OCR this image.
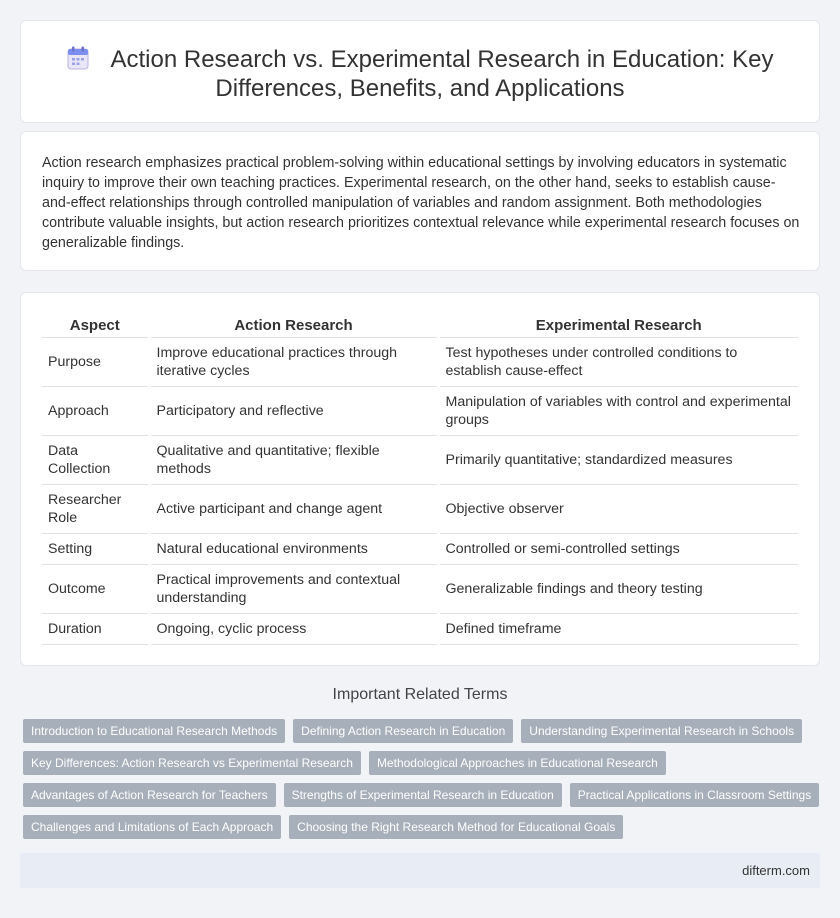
Action Research vs. Experimental Research in Education: Key Differences, Benefits, and Applications

Action research emphasizes practical problem-solving within educational settings by involving educators in systematic inquiry to improve their own teaching practices. Experimental research, on the other hand, seeks to establish cause-and-effect relationships through controlled manipulation of variables and random assignment. Both methodologies contribute valuable insights, but action research prioritizes contextual relevance while experimental research focuses on generalizable findings.

Aspect	Action Research	Experimental Research
Purpose	Improve educational practices through iterative cycles	Test hypotheses under controlled conditions to establish cause-effect
Approach	Participatory and reflective	Manipulation of variables with control and experimental groups
Data Collection	Qualitative and quantitative; flexible methods	Primarily quantitative; standardized measures
Researcher Role	Active participant and change agent	Objective observer
Setting	Natural educational environments	Controlled or semi-controlled settings
Outcome	Practical improvements and contextual understanding	Generalizable findings and theory testing
Duration	Ongoing, cyclic process	Defined timeframe
Important Related Terms
Introduction to Educational Research Methods	Defining Action Research in Education	Understanding Experimental Research in Schools
Key Differences: Action Research vs Experimental Research	Methodological Approaches in Educational Research
Advantages of Action Research for Teachers	Strengths of Experimental Research in Education	Practical Applications in Classroom Settings
Challenges and Limitations of Each Approach	Choosing the Right Research Method for Educational Goals
difterm.com
